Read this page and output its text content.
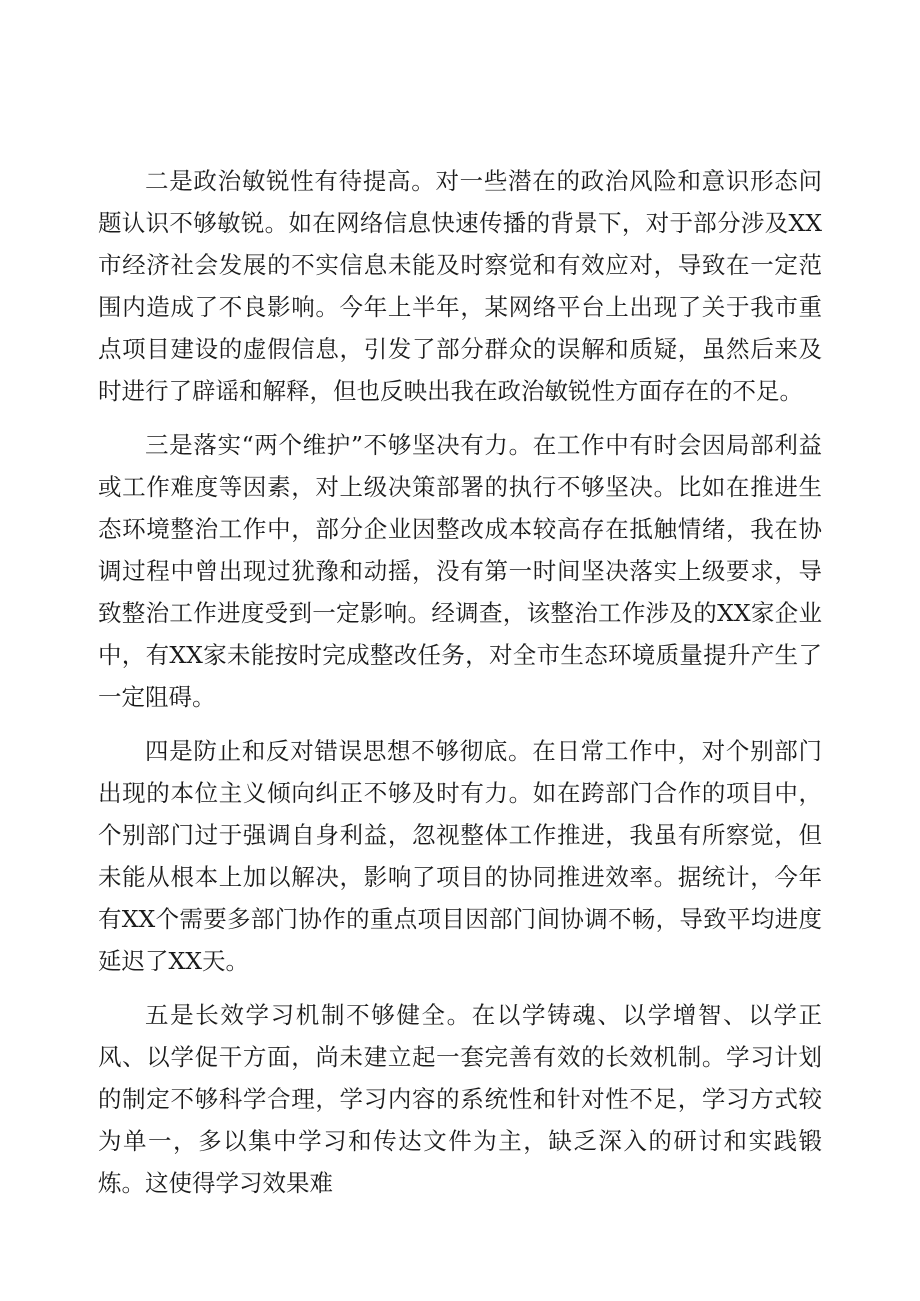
二是政治敏锐性有待提高。对一些潜在的政治风险和意识形态问题认识不够敏锐。如在网络信息快速传播的背景下，对于部分涉及XX市经济社会发展的不实信息未能及时察觉和有效应对，导致在一定范围内造成了不良影响。今年上半年，某网络平台上出现了关于我市重点项目建设的虚假信息，引发了部分群众的误解和质疑，虽然后来及时进行了辟谣和解释，但也反映出我在政治敏锐性方面存在的不足。

三是落实“两个维护”不够坚决有力。在工作中有时会因局部利益或工作难度等因素，对上级决策部署的执行不够坚决。比如在推进生态环境整治工作中，部分企业因整改成本较高存在抵触情绪，我在协调过程中曾出现过犹豫和动摇，没有第一时间坚决落实上级要求，导致整治工作进度受到一定影响。经调查，该整治工作涉及的XX家企业中，有XX家未能按时完成整改任务，对全市生态环境质量提升产生了一定阻碍。

四是防止和反对错误思想不够彻底。在日常工作中，对个别部门出现的本位主义倾向纠正不够及时有力。如在跨部门合作的项目中，个别部门过于强调自身利益，忽视整体工作推进，我虽有所察觉，但未能从根本上加以解决，影响了项目的协同推进效率。据统计，今年有XX个需要多部门协作的重点项目因部门间协调不畅，导致平均进度延迟了XX天。

五是长效学习机制不够健全。在以学铸魂、以学增智、以学正风、以学促干方面，尚未建立起一套完善有效的长效机制。学习计划的制定不够科学合理，学习内容的系统性和针对性不足，学习方式较为单一，多以集中学习和传达文件为主，缺乏深入的研讨和实践锻炼。这使得学习效果难
